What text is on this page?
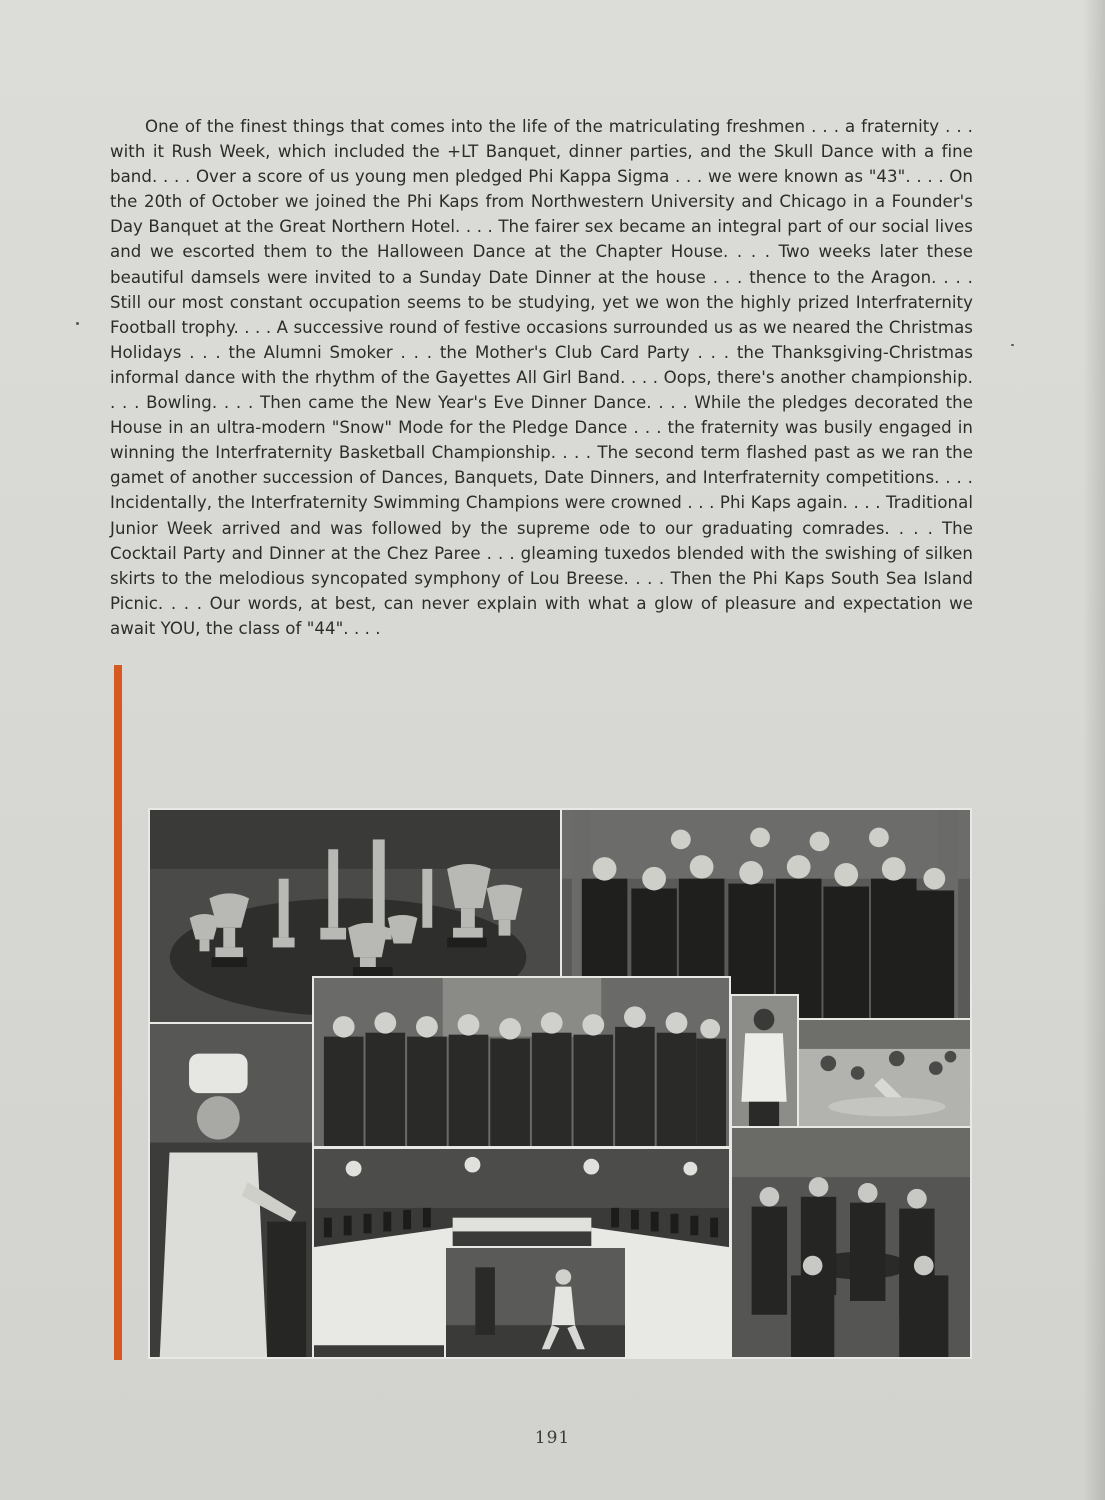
One of the finest things that comes into the life of the matriculating freshmen . . . a fraternity . . . with it Rush Week, which included the +LT Banquet, dinner parties, and the Skull Dance with a fine band. . . . Over a score of us young men pledged Phi Kappa Sigma . . . we were known as "43". . . . On the 20th of October we joined the Phi Kaps from Northwestern University and Chicago in a Founder's Day Banquet at the Great Northern Hotel. . . . The fairer sex became an integral part of our social lives and we escorted them to the Halloween Dance at the Chapter House. . . . Two weeks later these beautiful damsels were invited to a Sunday Date Dinner at the house . . . thence to the Aragon. . . . Still our most constant occupation seems to be studying, yet we won the highly prized Interfraternity Football trophy. . . . A successive round of festive occasions surrounded us as we neared the Christmas Holidays . . . the Alumni Smoker . . . the Mother's Club Card Party . . . the Thanksgiving-Christmas informal dance with the rhythm of the Gayettes All Girl Band. . . . Oops, there's another championship. . . . Bowling. . . . Then came the New Year's Eve Dinner Dance. . . . While the pledges decorated the House in an ultra-modern "Snow" Mode for the Pledge Dance . . . the fraternity was busily engaged in winning the Interfraternity Basketball Championship. . . . The second term flashed past as we ran the gamet of another succession of Dances, Banquets, Date Dinners, and Interfraternity competitions. . . . Incidentally, the Interfraternity Swimming Champions were crowned . . . Phi Kaps again. . . . Traditional Junior Week arrived and was followed by the supreme ode to our graduating comrades. . . . The Cocktail Party and Dinner at the Chez Paree . . . gleaming tuxedos blended with the swishing of silken skirts to the melodious syncopated symphony of Lou Breese. . . . Then the Phi Kaps South Sea Island Picnic. . . . Our words, at best, can never explain with what a glow of pleasure and expectation we await YOU, the class of "44". . . .

191
